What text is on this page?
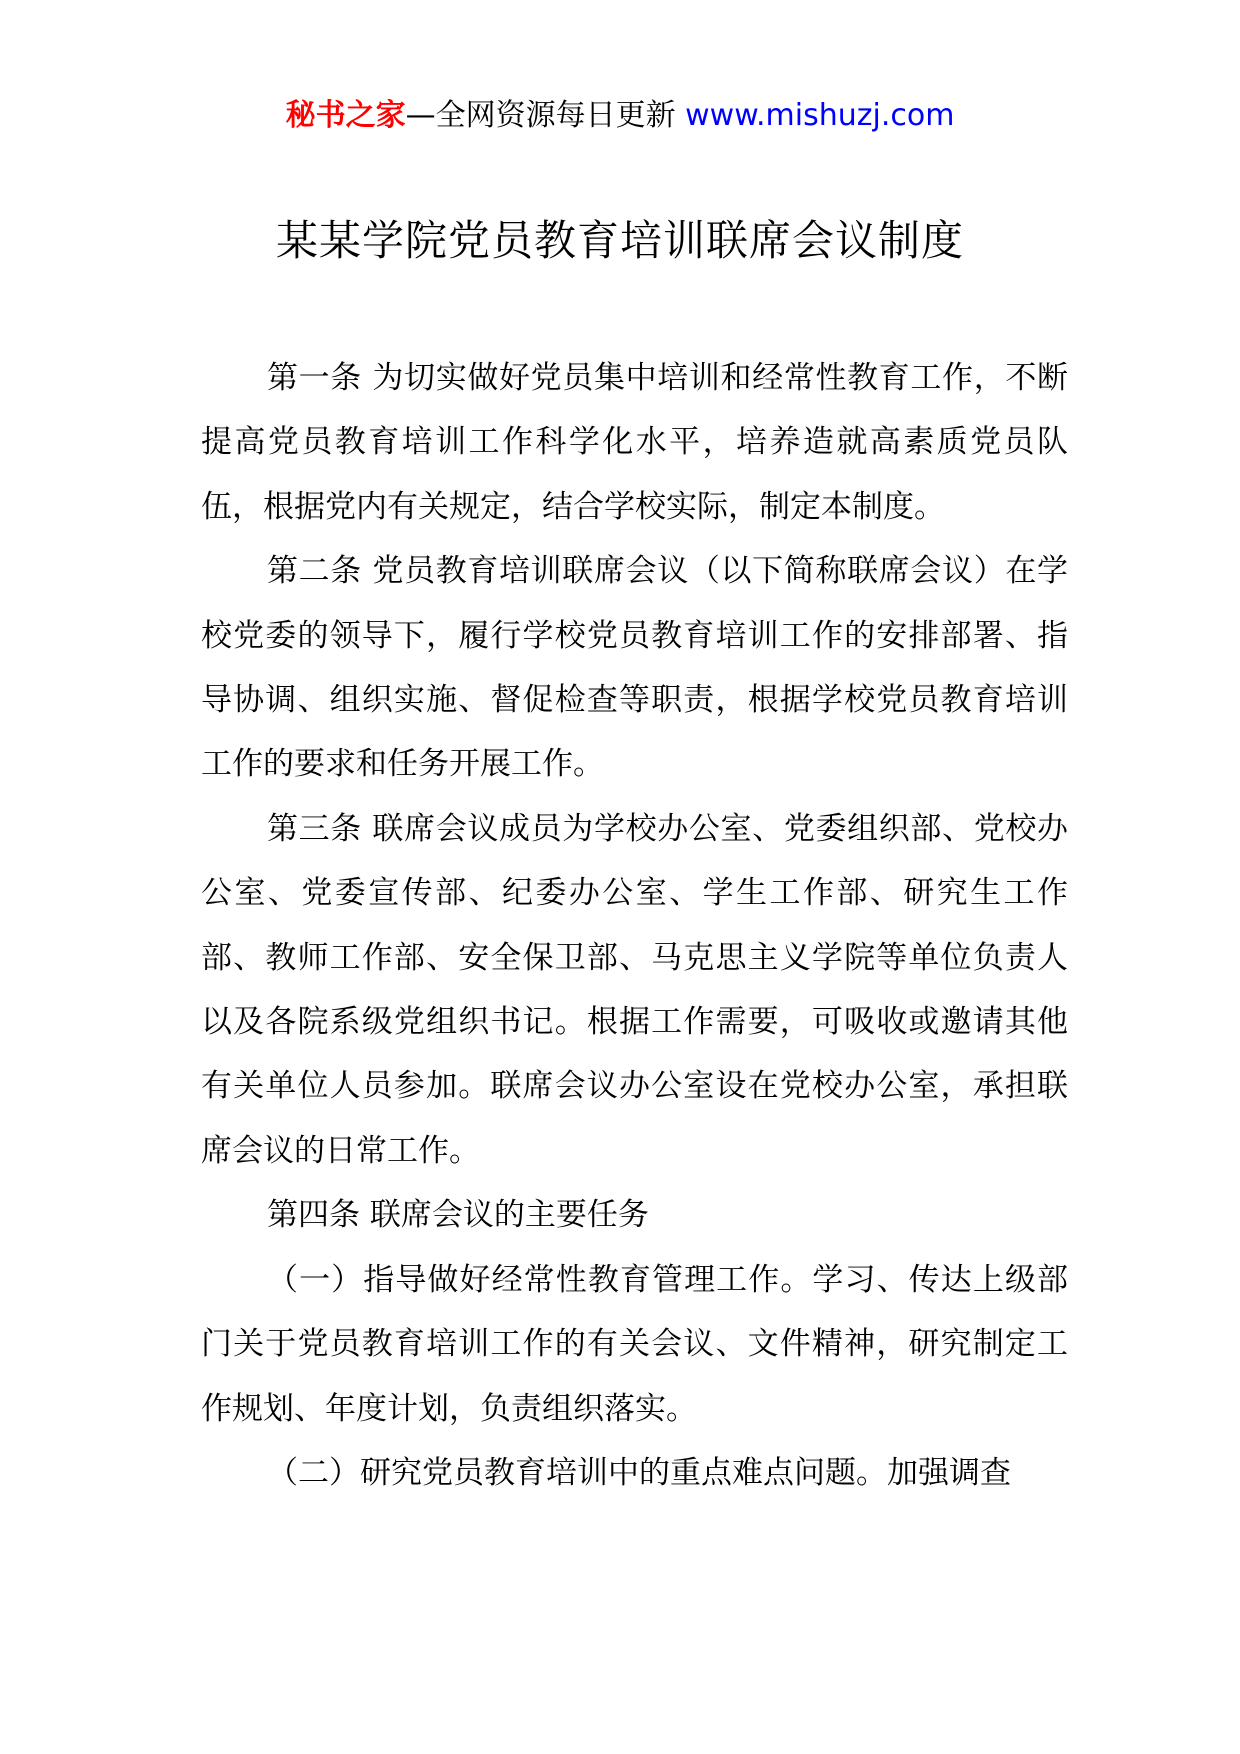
秘书之家—全网资源每日更新 www.mishuzj.com
某某学院党员教育培训联席会议制度

第一条 为切实做好党员集中培训和经常性教育工作，不断提高党员教育培训工作科学化水平，培养造就高素质党员队伍，根据党内有关规定，结合学校实际，制定本制度。

第二条 党员教育培训联席会议（以下简称联席会议）在学校党委的领导下，履行学校党员教育培训工作的安排部署、指导协调、组织实施、督促检查等职责，根据学校党员教育培训工作的要求和任务开展工作。

第三条 联席会议成员为学校办公室、党委组织部、党校办公室、党委宣传部、纪委办公室、学生工作部、研究生工作部、教师工作部、安全保卫部、马克思主义学院等单位负责人以及各院系级党组织书记。根据工作需要，可吸收或邀请其他有关单位人员参加。联席会议办公室设在党校办公室，承担联席会议的日常工作。

第四条 联席会议的主要任务

（一）指导做好经常性教育管理工作。学习、传达上级部门关于党员教育培训工作的有关会议、文件精神，研究制定工作规划、年度计划，负责组织落实。

（二）研究党员教育培训中的重点难点问题。加强调查
